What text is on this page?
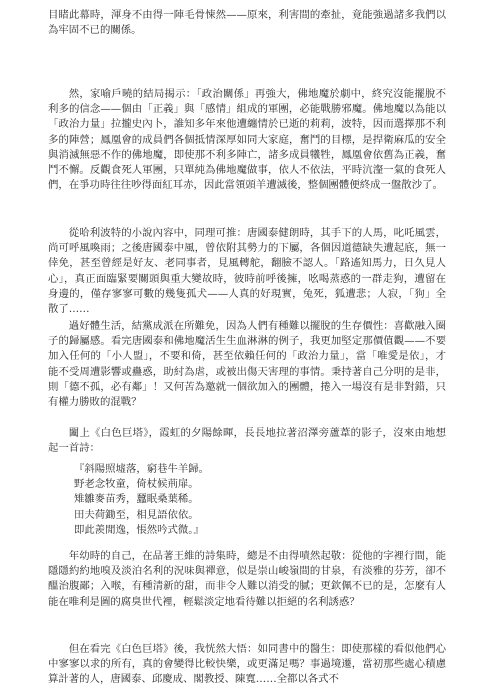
目睹此幕時，渾身不由得一陣毛骨悚然——原來，利害間的牽扯，竟能強過諸多我們以為牢固不已的關係。

然，家喻戶曉的結局揭示：「政治關係」再強大，佛地魔於劇中，終究沒能擺脫不利多的信念——個由「正義」與「感情」組成的軍團，必能戰勝邪魔。佛地魔以為能以「政治力量」拉攏史內卜，誰知多年來他遭纏情於已逝的莉莉，波特，因而選擇那不利多的陣營；鳳凰會的成員們各個抵情深厚如同大家庭，奮鬥的目標，是捍衛麻瓜的安全與消滅無惡不作的佛地魔，即使那不利多陣亡，諸多成員犧牲，鳳凰會依舊為正義，奮鬥不懈。反觀食死人軍團，只單純為佛地魔做事，依人不依法，平時沆瀣一氣的食死人們，在爭功時往往吵得面紅耳赤，因此當領頭羊遭滅後，整個團體便終成一盤散沙了。

從哈利波特的小說內容中，同理可推：唐國泰健朗時，其手下的人馬，叱吒風雲，尚可呼風喚雨；之後唐國泰中風，曾依附其勢力的下屬，各個因道德缺失遭起底，無一倖免，甚至曾經是好友、老同事者，見風轉舵，翻臉不認人。「路遙知馬力，日久見人心」，真正面臨緊要關頭與重大變故時，彼時前呼後擁，吆喝蒸惑的一群走狗，遭留在身邊的，僅存寥寥可數的幾隻孤犬——人真的好現實，兔死，狐遭悲；人寂，「狗」全散了……

過好體生活，結黨成派在所難免，因為人們有種難以擺脫的生存價性：喜歡融入圈子的歸屬感。看完唐國泰和佛地魔活生生血淋淋的例子，我更加堅定那價值觀——不要加入任何的「小人盟」，不要和倚，甚至依賴任何的「政治力量」，當「唯愛是依」，才能不受周遭影響或蠱惑，助紂為虐，或被出傷天害理的事情。秉持著自己分明的是非，則「德不孤，必有鄰」！又何苦為邀就一個欲加入的團體，捲入一場沒有是非對錯，只有權力勝敗的混戰？

闔上《白色巨塔》，霞虹的夕陽餘暉，長長地拉著沼澤旁蘆葦的影子，沒來由地想起一首詩：

『斜陽照墟落，窮巷牛羊歸。
野老念牧童，倚杖候荊扉。
雉雛麥苗秀，蠶眠桑葉稀。
田夫荷鋤至，相見語依依。
即此羨閒逸，悵然吟式微。』

年幼時的自己，在品著王維的詩集時，總是不由得嘖然起敬：從他的字裡行間，能隱隱約約地嗅及淡泊名利的況味與禪意，似是崇山峻嶺間的甘泉，有淡雅的芬芳，卻不醞治腹鄙；入喉，有種清新的甜，而非令人難以消受的膩；更欽佩不已的是，怎麼有人能在唯利是圖的腐臭世代裡，輕鬆淡定地看待難以拒絕的名利誘惑？

但在看完《白色巨塔》後，我恍然大悟：如同書中的醫生：即使那樣的看似他們心中寥寥以求的所有，真的會變得比較快樂，或更滿足嗎？事過境遷，當初那些處心積慮算計著的人，唐國泰、邱慶成、閣教授、陳寬……全都以各式不
